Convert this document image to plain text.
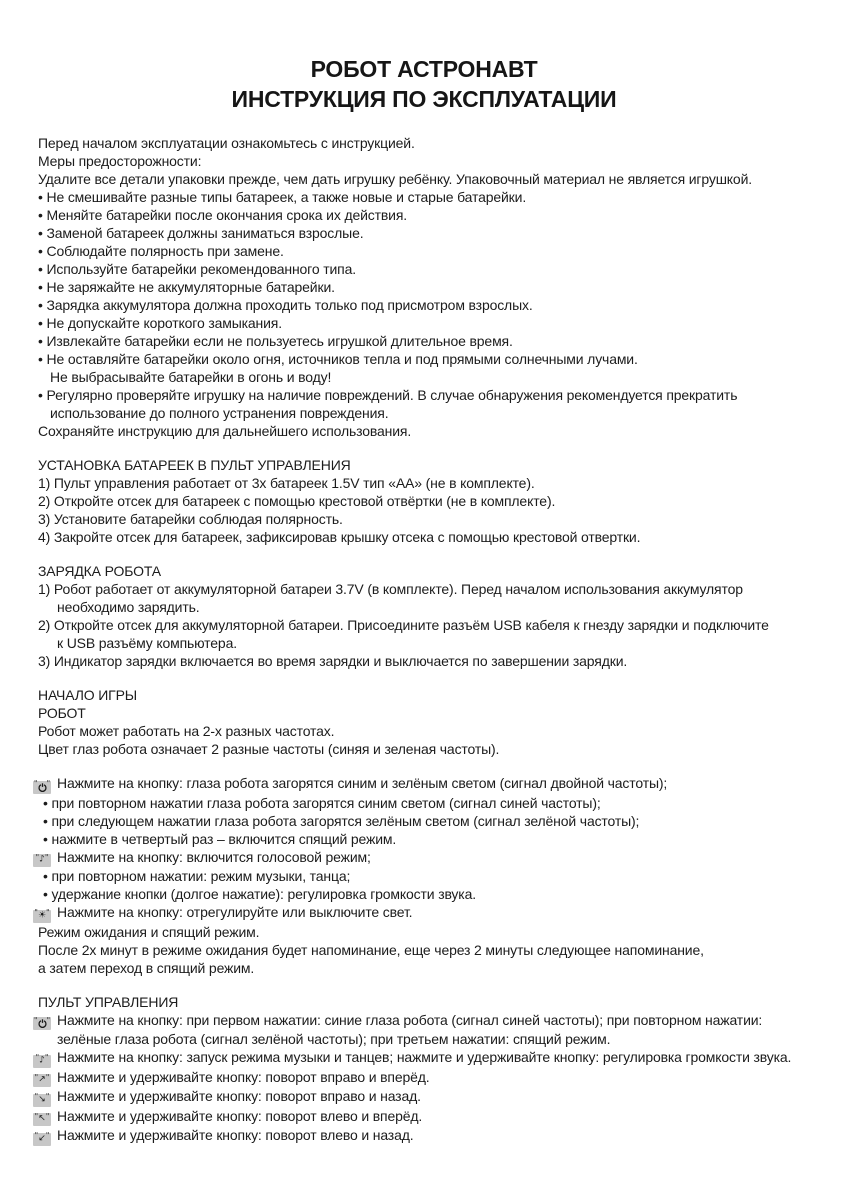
РОБОТ АСТРОНАВТ
ИНСТРУКЦИЯ ПО ЭКСПЛУАТАЦИИ

Перед началом эксплуатации ознакомьтесь с инструкцией.

Меры предосторожности:

Удалите все детали упаковки прежде, чем дать игрушку ребёнку. Упаковочный материал не является игрушкой.

• Не смешивайте разные типы батареек, а также новые и старые батарейки.

• Меняйте батарейки после окончания срока их действия.

• Заменой батареек должны заниматься взрослые.

• Соблюдайте полярность при замене.

• Используйте батарейки рекомендованного типа.

• Не заряжайте не аккумуляторные батарейки.

• Зарядка аккумулятора должна проходить только под присмотром взрослых.

• Не допускайте короткого замыкания.

• Извлекайте батарейки если не пользуетесь игрушкой длительное время.

• Не оставляйте батарейки около огня, источников тепла и под прямыми солнечными лучами.

Не выбрасывайте батарейки в огонь и воду!

• Регулярно проверяйте игрушку на наличие повреждений. В случае обнаружения рекомендуется прекратить

использование до полного устранения повреждения.

Сохраняйте инструкцию для дальнейшего использования.

УСТАНОВКА БАТАРЕЕК В ПУЛЬТ УПРАВЛЕНИЯ

1) Пульт управления работает от 3х батареек 1.5V тип «АА» (не в комплекте).

2) Откройте отсек для батареек с помощью крестовой отвёртки (не в комплекте).

3) Установите батарейки соблюдая полярность.

4) Закройте отсек для батареек, зафиксировав крышку отсека с помощью крестовой отвертки.

ЗАРЯДКА РОБОТА

1) Робот работает от аккумуляторной батареи 3.7V (в комплекте). Перед началом использования аккумулятор

необходимо зарядить.

2) Откройте отсек для аккумуляторной батареи. Присоедините разъём USB кабеля к гнезду зарядки и подключите

к USB разъёму компьютера.

3) Индикатор зарядки включается во время зарядки и выключается по завершении зарядки.

НАЧАЛО ИГРЫ

РОБОТ

Робот может работать на 2-х разных частотах.

Цвет глаз робота означает 2 разные частоты (синяя и зеленая частоты).

"
"Нажмите на кнопку: глаза робота загорятся синим и зелёным светом (сигнал двойной частоты);

• при повторном нажатии глаза робота загорятся синим светом (сигнал синей частоты);

• при следующем нажатии глаза робота загорятся зелёным светом (сигнал зелёной частоты);

• нажмите в четвертый раз – включится спящий режим.

" ♪
" Нажмите на кнопку: включится голосовой режим;

• при повторном нажатии: режим музыки, танца;

• удержание кнопки (долгое нажатие): регулировка громкости звука.

" ☀
" Нажмите на кнопку: отрегулируйте или выключите свет.

Режим ожидания и спящий режим.

После 2х минут в режиме ожидания будет напоминание, еще через 2 минуты следующее напоминание,

а затем переход в спящий режим.

ПУЛЬТ УПРАВЛЕНИЯ

"
"Нажмите на кнопку: при первом нажатии: синие глаза робота (сигнал синей частоты); при повторном нажатии:

зелёные глаза робота (сигнал зелёной частоты); при третьем нажатии: спящий режим.

" ♪
" Нажмите на кнопку: запуск режима музыки и танцев; нажмите и удерживайте кнопку: регулировка громкости звука.

" ↗
" Нажмите и удерживайте кнопку: поворот вправо и вперёд.

" ↘
" Нажмите и удерживайте кнопку: поворот вправо и назад.

" ↖
" Нажмите и удерживайте кнопку: поворот влево и вперёд.

" ↙
" Нажмите и удерживайте кнопку: поворот влево и назад.
